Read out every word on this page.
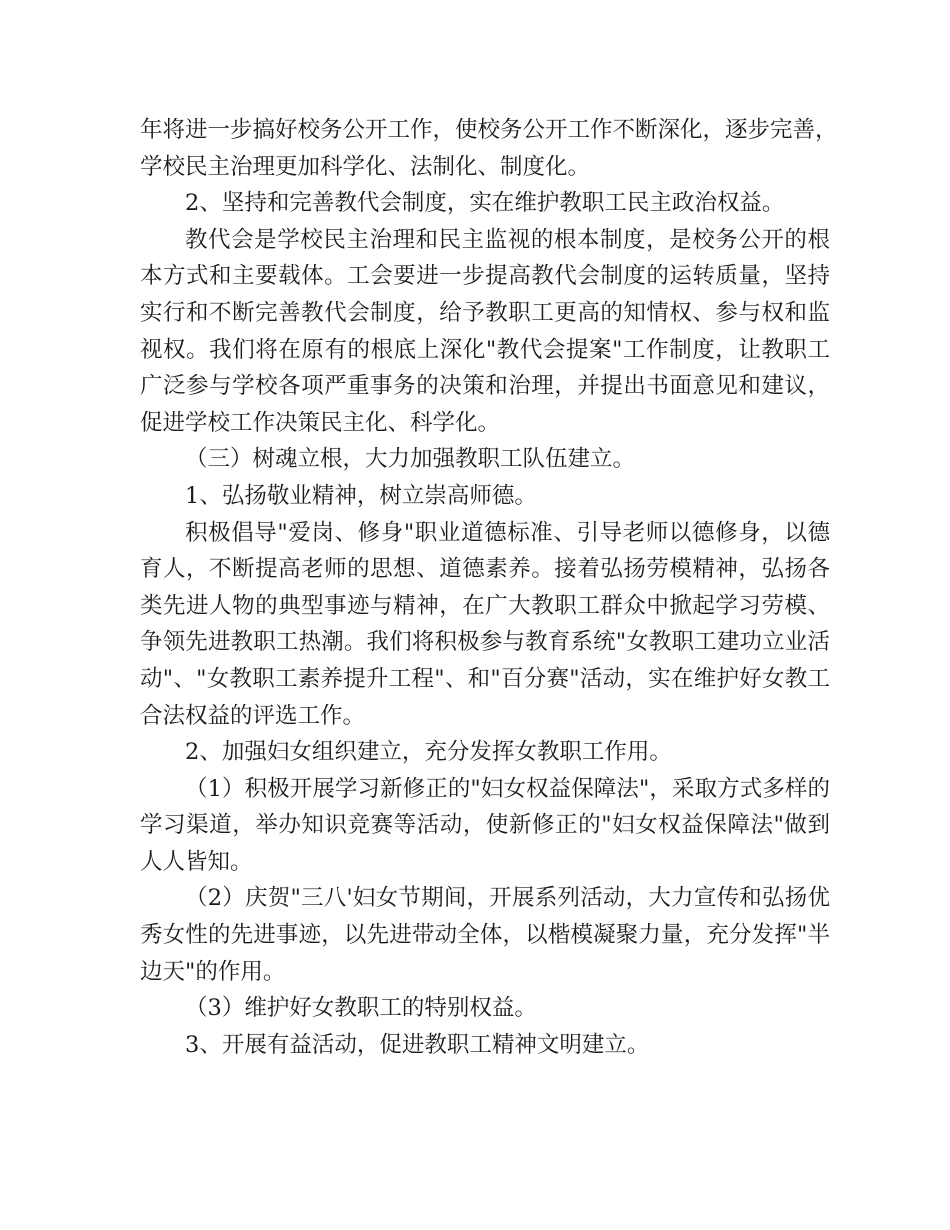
年将进一步搞好校务公开工作，使校务公开工作不断深化，逐步完善，
学校民主治理更加科学化、法制化、制度化。
2、坚持和完善教代会制度，实在维护教职工民主政治权益。
教代会是学校民主治理和民主监视的根本制度，是校务公开的根
本方式和主要载体。工会要进一步提高教代会制度的运转质量，坚持
实行和不断完善教代会制度，给予教职工更高的知情权、参与权和监
视权。我们将在原有的根底上深化"教代会提案"工作制度，让教职工
广泛参与学校各项严重事务的决策和治理，并提出书面意见和建议，
促进学校工作决策民主化、科学化。
（三）树魂立根，大力加强教职工队伍建立。
1、弘扬敬业精神，树立崇高师德。
积极倡导"爱岗、修身"职业道德标准、引导老师以德修身，以德
育人，不断提高老师的思想、道德素养。接着弘扬劳模精神，弘扬各
类先进人物的典型事迹与精神，在广大教职工群众中掀起学习劳模、
争领先进教职工热潮。我们将积极参与教育系统"女教职工建功立业活
动"、"女教职工素养提升工程"、和"百分赛"活动，实在维护好女教工
合法权益的评选工作。
2、加强妇女组织建立，充分发挥女教职工作用。
（1）积极开展学习新修正的"妇女权益保障法"，采取方式多样的
学习渠道，举办知识竞赛等活动，使新修正的"妇女权益保障法"做到
人人皆知。
（2）庆贺"三八'妇女节期间，开展系列活动，大力宣传和弘扬优
秀女性的先进事迹，以先进带动全体，以楷模凝聚力量，充分发挥"半
边天"的作用。
（3）维护好女教职工的特别权益。
3、开展有益活动，促进教职工精神文明建立。
